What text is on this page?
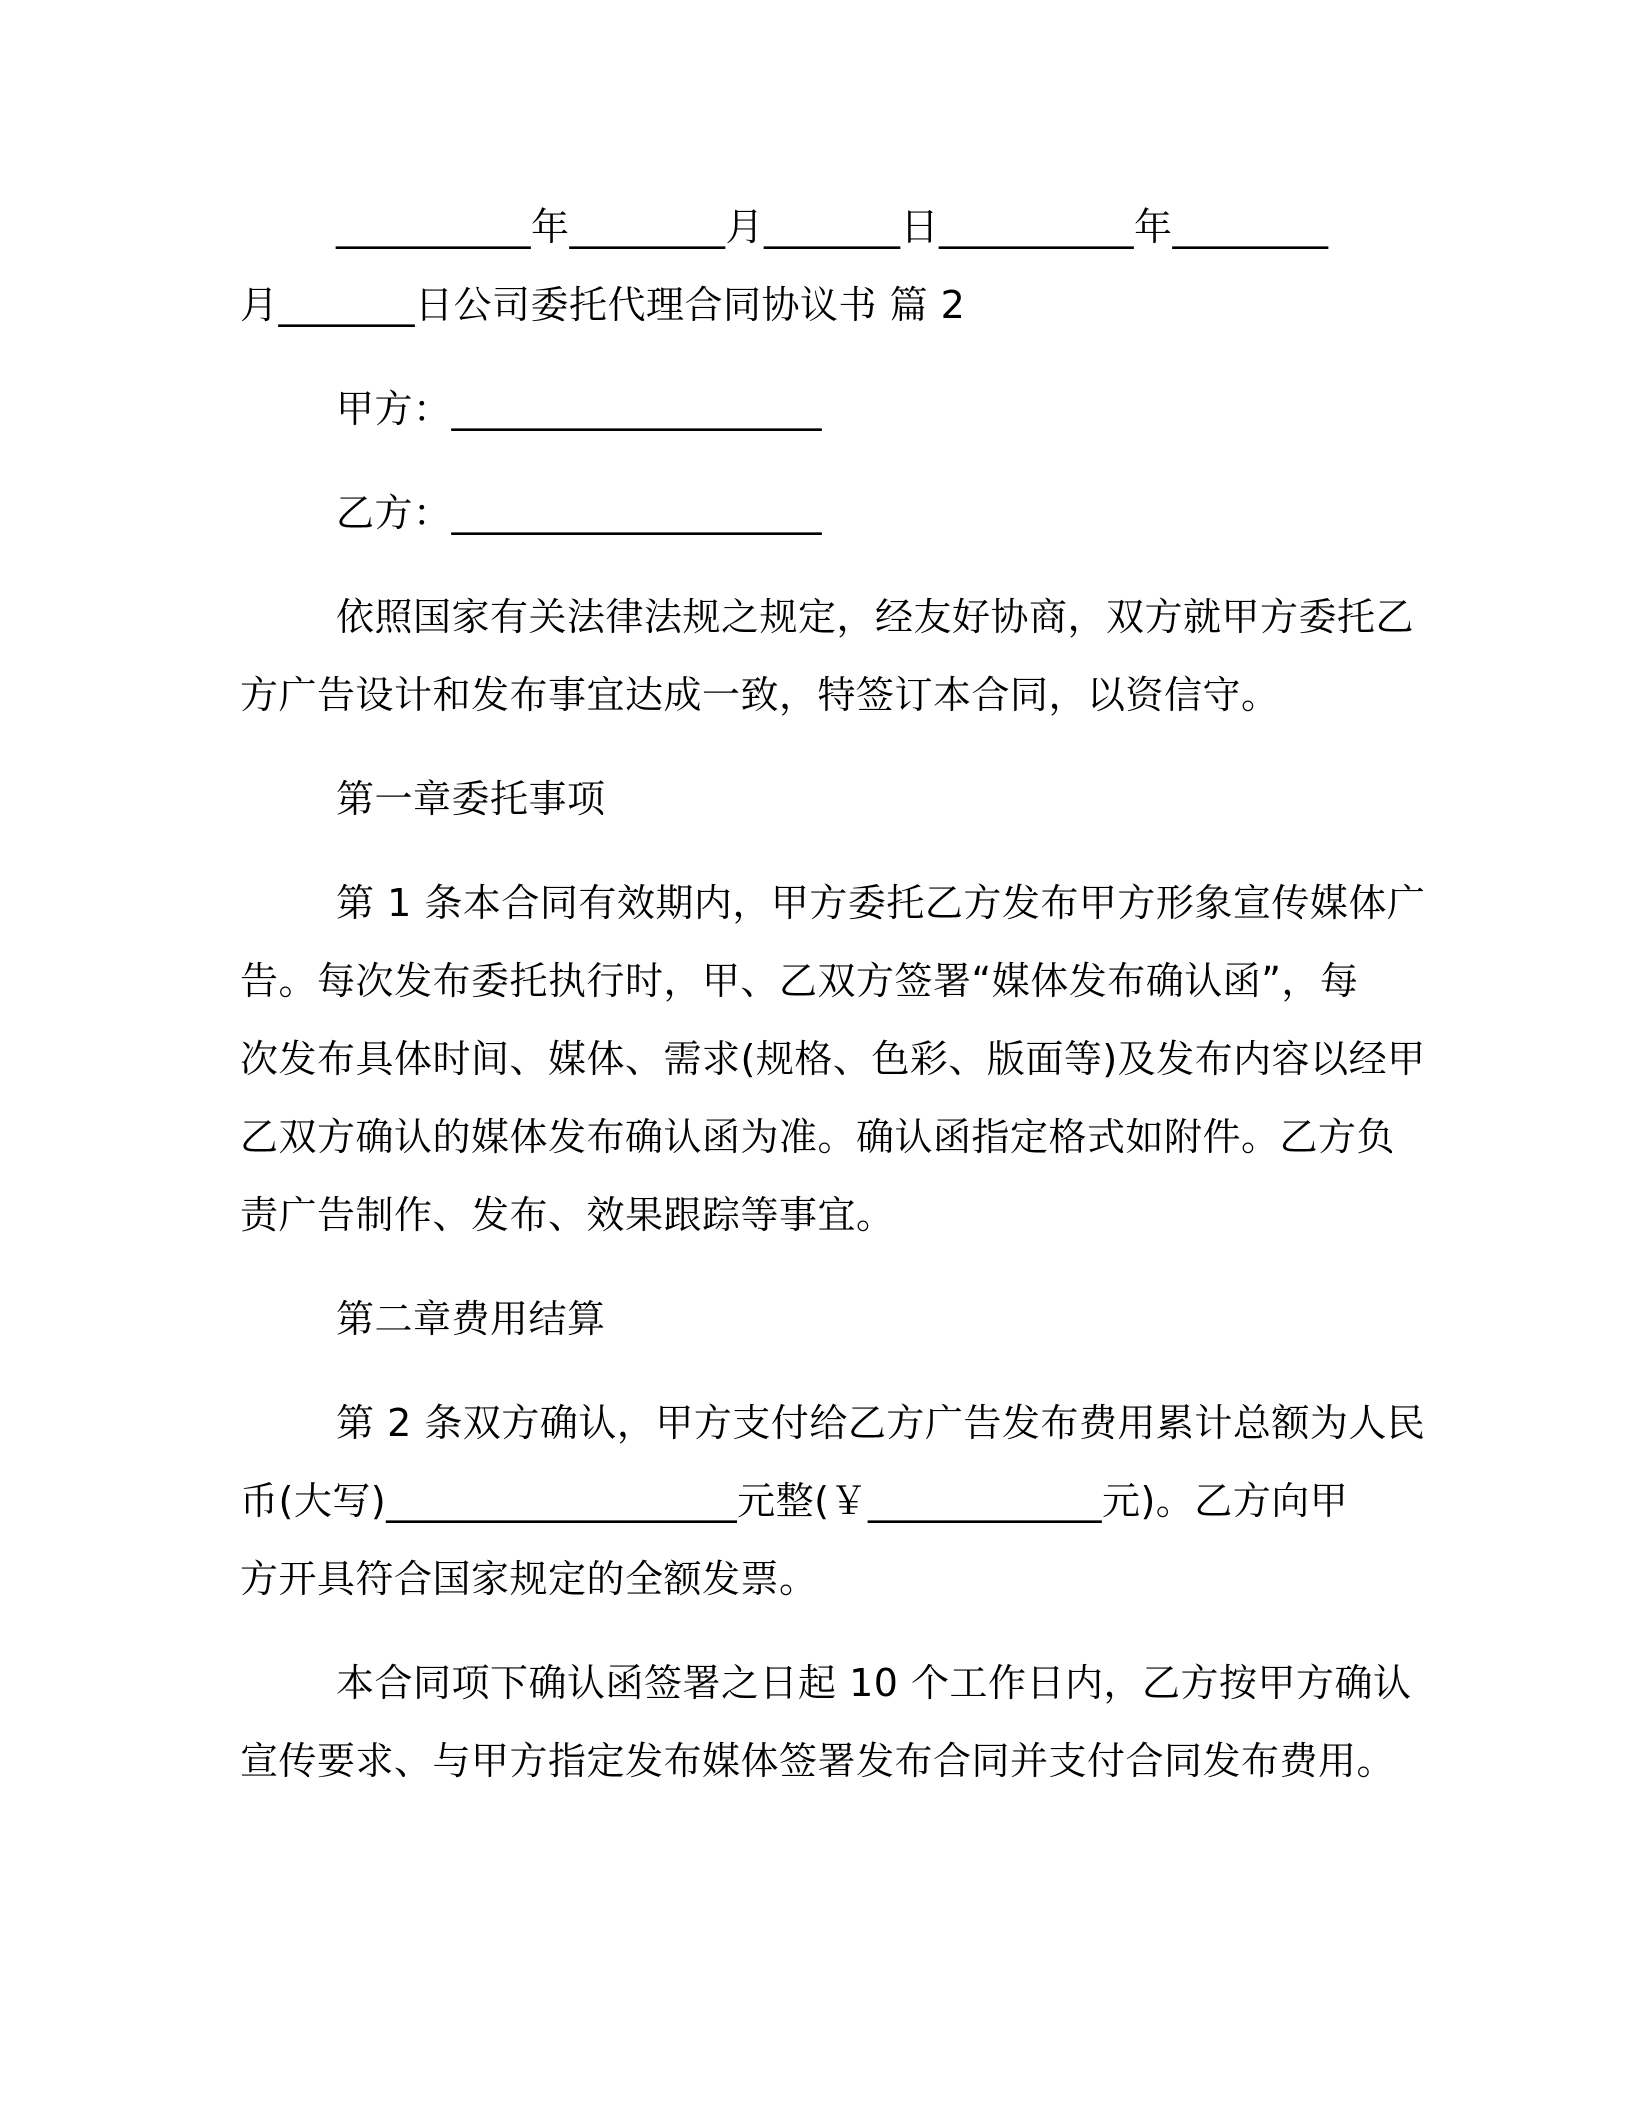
__________年________月_______日__________年________
月_______日公司委托代理合同协议书 篇 2
甲方：___________________
乙方：___________________
依照国家有关法律法规之规定，经友好协商，双方就甲方委托乙
方广告设计和发布事宜达成一致，特签订本合同，以资信守。
第一章委托事项
第 1 条本合同有效期内，甲方委托乙方发布甲方形象宣传媒体广
告。每次发布委托执行时，甲、乙双方签署“媒体发布确认函”，每
次发布具体时间、媒体、需求(规格、色彩、版面等)及发布内容以经甲
乙双方确认的媒体发布确认函为准。确认函指定格式如附件。乙方负
责广告制作、发布、效果跟踪等事宜。
第二章费用结算
第 2 条双方确认，甲方支付给乙方广告发布费用累计总额为人民
币(大写)__________________元整(￥____________元)。乙方向甲
方开具符合国家规定的全额发票。
本合同项下确认函签署之日起 10 个工作日内，乙方按甲方确认
宣传要求、与甲方指定发布媒体签署发布合同并支付合同发布费用。
